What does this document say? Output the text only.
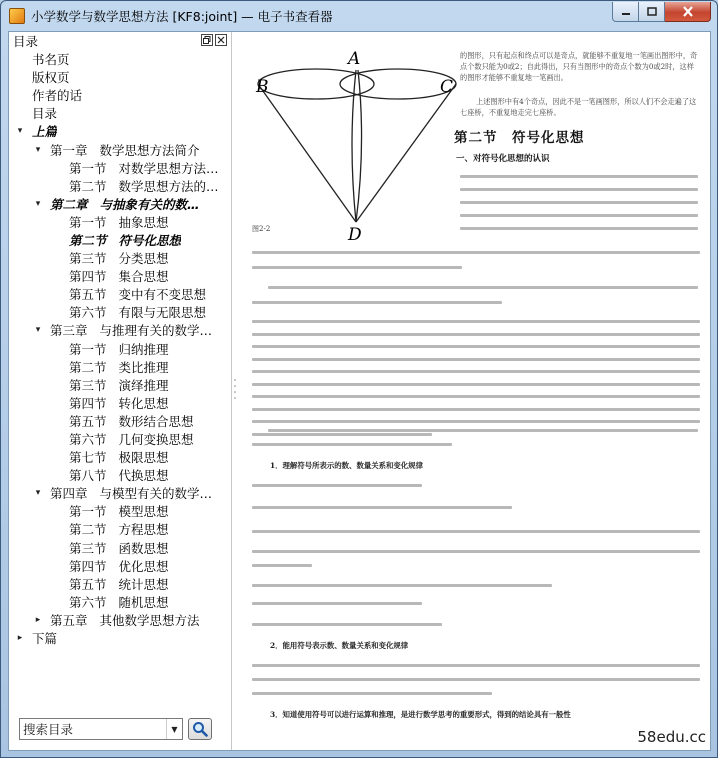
小学数学与数学思想方法 [KF8:joint] — 电子书查看器
目录
书名页
版权页
作者的话
目录
▾ 上篇
▾ 第一章 数学思想方法简介
第一节 对数学思想方法…
第二节 数学思想方法的…
▾ 第二章 与抽象有关的数…
第一节 抽象思想
第二节 符号化思想
第三节 分类思想
第四节 集合思想
第五节 变中有不变思想
第六节 有限与无限思想
▾ 第三章 与推理有关的数学…
第一节 归纳推理
第二节 类比推理
第三节 演绎推理
第四节 转化思想
第五节 数形结合思想
第六节 几何变换思想
第七节 极限思想
第八节 代换思想
▾ 第四章 与模型有关的数学…
第一节 模型思想
第二节 方程思想
第三节 函数思想
第四节 优化思想
第五节 统计思想
第六节 随机思想
▸ 第五章 其他数学思想方法
▸ 下篇
搜索目录	▼
A
B	C
D
图2-2
的图形，只有起点和终点可以是奇点，就能够不重复地一笔画出图形中，奇点个数只能为0或2；自此得出，只有当图形中的奇点个数为0或2时，这样的图形才能够不重复地一笔画出。
上述图形中有4个奇点，因此不是一笔画图形，所以人们不会走遍了这七座桥，不重复地走完七座桥。
第二节　符号化思想
一、对符号化思想的认识
1．理解符号所表示的数、数量关系和变化规律
2．能用符号表示数、数量关系和变化规律
3．知道使用符号可以进行运算和推理，是进行数学思考的重要形式，得到的结论具有一般性
58edu.cc
